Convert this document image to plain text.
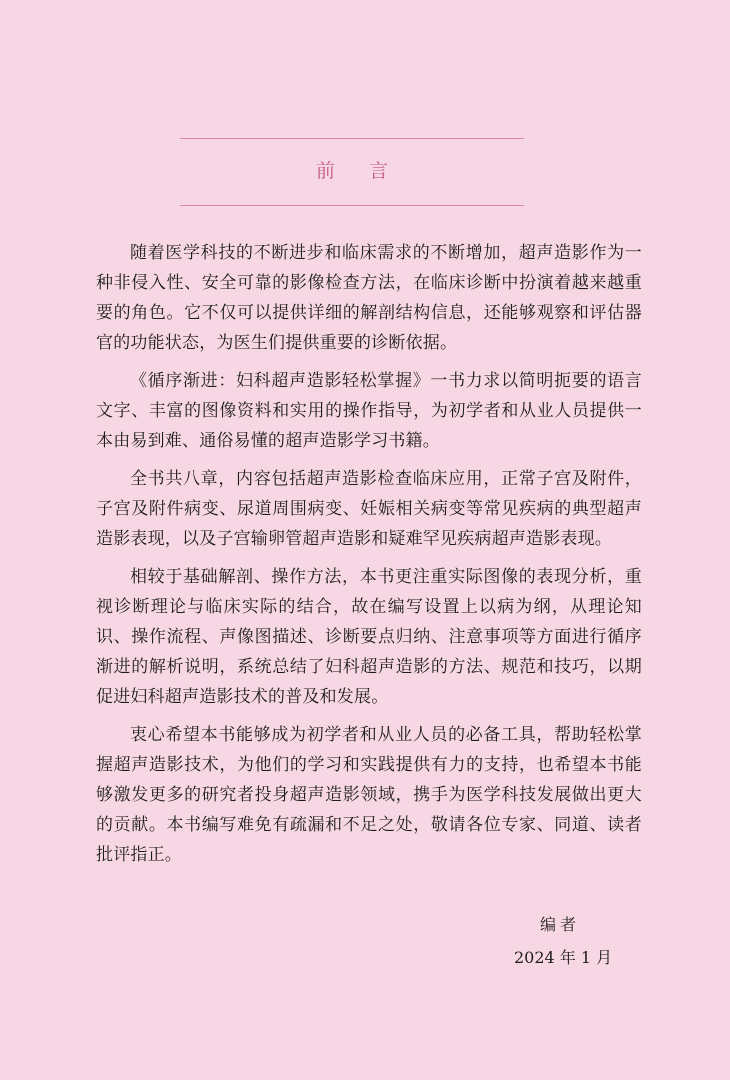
前 言

随着医学科技的不断进步和临床需求的不断增加，超声造影作为一种非侵入性、安全可靠的影像检查方法，在临床诊断中扮演着越来越重要的角色。它不仅可以提供详细的解剖结构信息，还能够观察和评估器官的功能状态，为医生们提供重要的诊断依据。

《循序渐进：妇科超声造影轻松掌握》一书力求以简明扼要的语言文字、丰富的图像资料和实用的操作指导，为初学者和从业人员提供一本由易到难、通俗易懂的超声造影学习书籍。

全书共八章，内容包括超声造影检查临床应用，正常子宫及附件，子宫及附件病变、尿道周围病变、妊娠相关病变等常见疾病的典型超声造影表现，以及子宫输卵管超声造影和疑难罕见疾病超声造影表现。

相较于基础解剖、操作方法，本书更注重实际图像的表现分析，重视诊断理论与临床实际的结合，故在编写设置上以病为纲，从理论知识、操作流程、声像图描述、诊断要点归纳、注意事项等方面进行循序渐进的解析说明，系统总结了妇科超声造影的方法、规范和技巧，以期促进妇科超声造影技术的普及和发展。

衷心希望本书能够成为初学者和从业人员的必备工具，帮助轻松掌握超声造影技术，为他们的学习和实践提供有力的支持，也希望本书能够激发更多的研究者投身超声造影领域，携手为医学科技发展做出更大的贡献。本书编写难免有疏漏和不足之处，敬请各位专家、同道、读者批评指正。

编者
2024 年 1 月
